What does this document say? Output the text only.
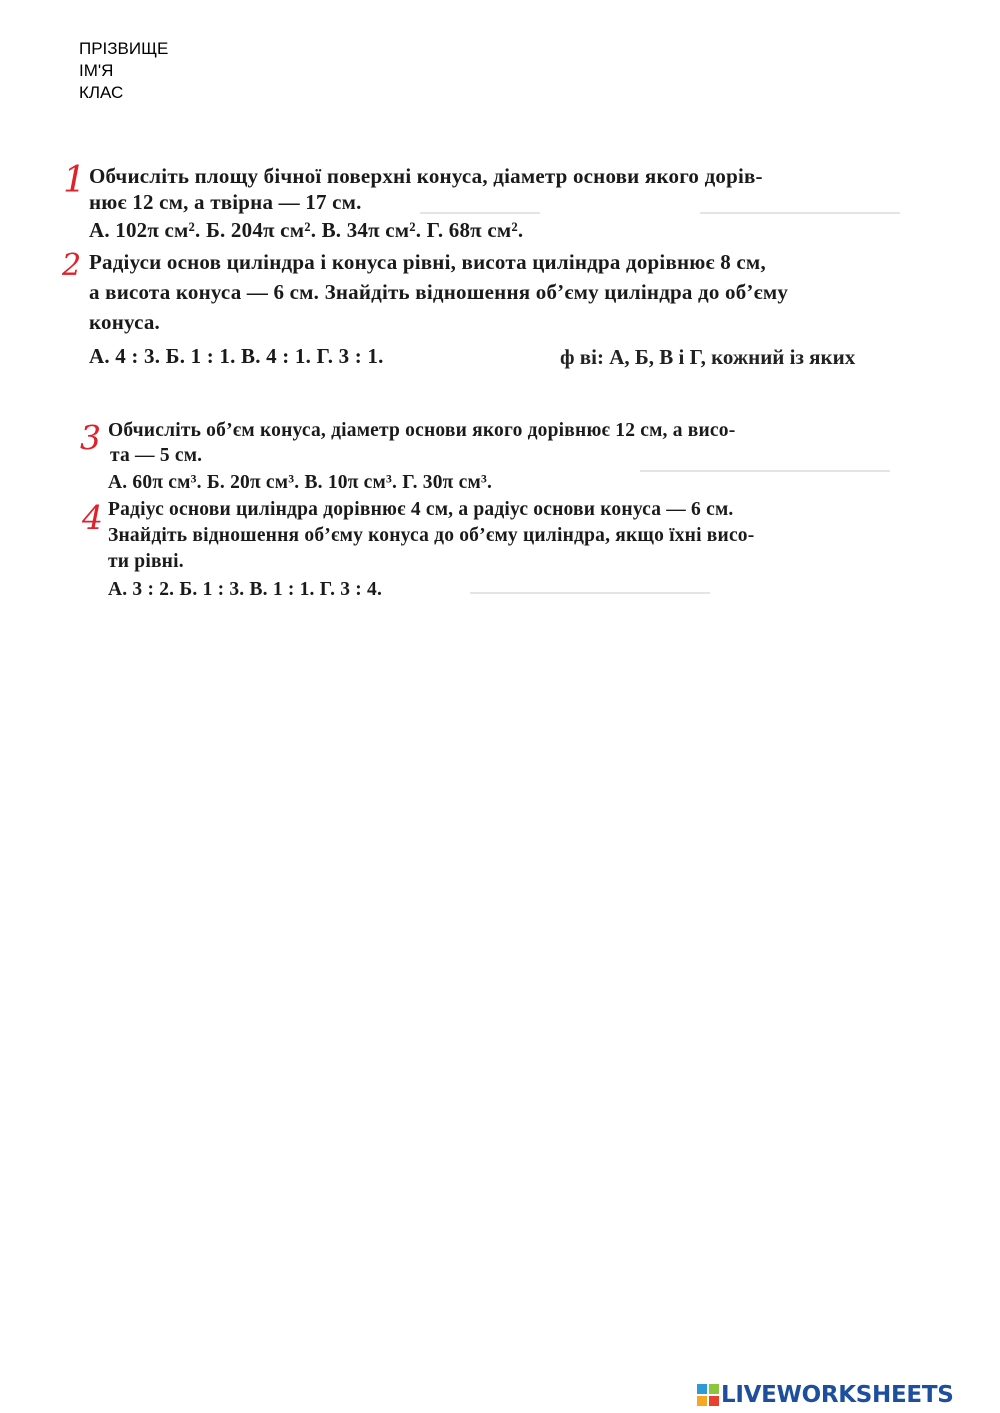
ПРІЗВИЩЕ
ІМ'Я
КЛАС
1 Обчисліть площу бічної поверхні конуса, діаметр основи якого дорів-
нює 12 см, а твірна — 17 см.
А. 102π см². Б. 204π см². В. 34π см². Г. 68π см².
2 Радіуси основ циліндра і конуса рівні, висота циліндра дорівнює 8 см,
а висота конуса — 6 см. Знайдіть відношення об’єму циліндра до об’єму
конуса.
А. 4 : 3. Б. 1 : 1. В. 4 : 1. Г. 3 : 1.	ф ві: А, Б, В і Г, кожний із яких
3 Обчисліть об’єм конуса, діаметр основи якого дорівнює 12 см, а висо-
та — 5 см.
А. 60π см³. Б. 20π см³. В. 10π см³. Г. 30π см³.
4 Радіус основи циліндра дорівнює 4 см, а радіус основи конуса — 6 см.
Знайдіть відношення об’єму конуса до об’єму циліндра, якщо їхні висо-
ти рівні.
А. 3 : 2. Б. 1 : 3. В. 1 : 1. Г. 3 : 4.
LIVEWORKSHEETS
